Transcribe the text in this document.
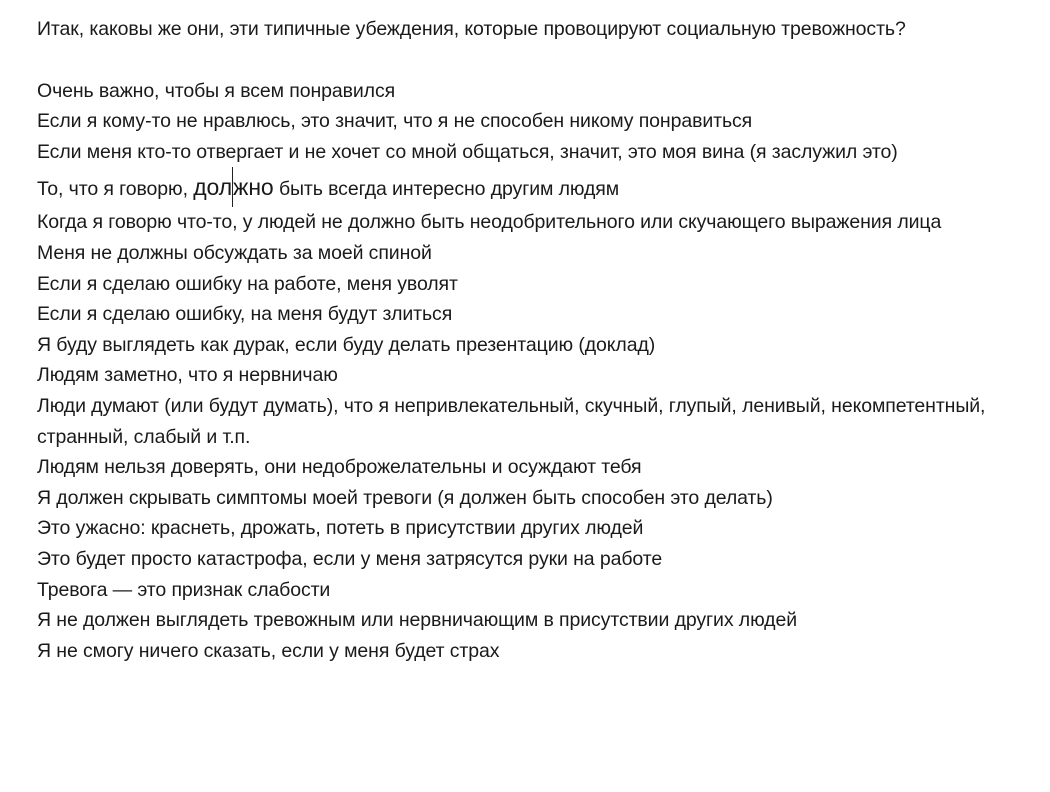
Итак, каковы же они, эти типичные убеждения, которые провоцируют социальную тревожность?

Очень важно, чтобы я всем понравился
Если я кому-то не нравлюсь, это значит, что я не способен никому понравиться
Если меня кто-то отвергает и не хочет со мной общаться, значит, это моя вина (я заслужил это)
То, что я говорю, должно быть всегда интересно другим людям
Когда я говорю что-то, у людей не должно быть неодобрительного или скучающего выражения лица
Меня не должны обсуждать за моей спиной
Если я сделаю ошибку на работе, меня уволят
Если я сделаю ошибку, на меня будут злиться
Я буду выглядеть как дурак, если буду делать презентацию (доклад)
Людям заметно, что я нервничаю
Люди думают (или будут думать), что я непривлекательный, скучный, глупый, ленивый, некомпетентный, странный, слабый и т.п.
Людям нельзя доверять, они недоброжелательны и осуждают тебя
Я должен скрывать симптомы моей тревоги (я должен быть способен это делать)
Это ужасно: краснеть, дрожать, потеть в присутствии других людей
Это будет просто катастрофа, если у меня затрясутся руки на работе
Тревога — это признак слабости
Я не должен выглядеть тревожным или нервничающим в присутствии других людей
Я не смогу ничего сказать, если у меня будет страх
